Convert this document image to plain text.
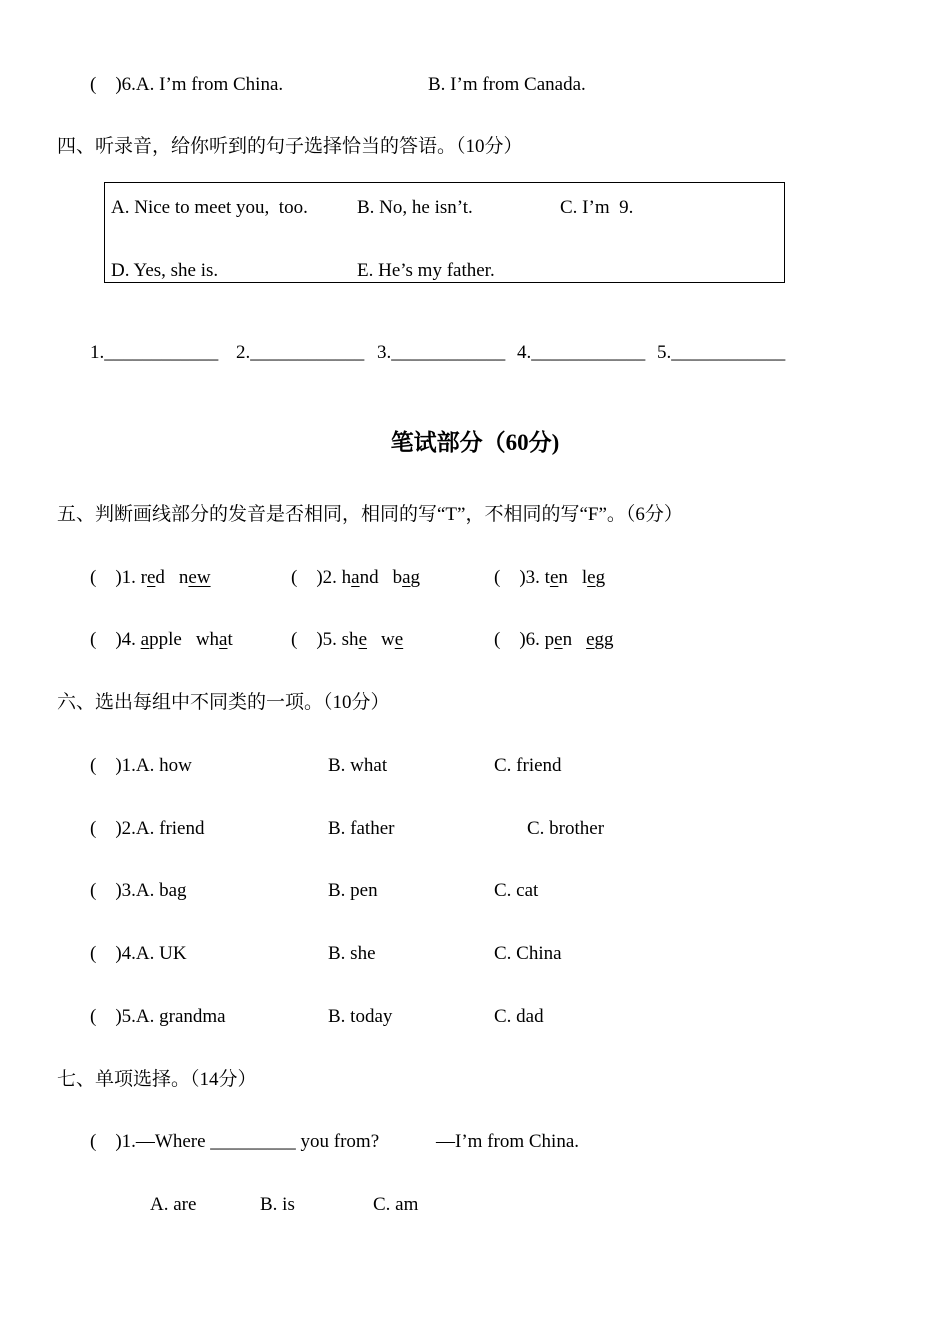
(    )6.A. I’m from China.

	B. I’m from Canada.

四、听录音，给你听到的句子选择恰当的答语。（10分）

A. Nice to meet you,  too.

	B. No, he isn’t.

	C. I’m  9.

D. Yes, she is.

	E. He’s my father.

1.____________

2.____________

3.____________

4.____________

5.____________

笔试部分（60分)
五、判断画线部分的发音是否相同，相同的写“T”，不相同的写“F”。（6分）

(    )1. red new

	(    )2. hand bag

	(    )3. ten leg

(    )4. apple what

	(    )5. she we

	(    )6. pen egg

六、选出每组中不同类的一项。（10分）

(    )1.A. how

	B. what

	C. friend

(    )2.A. friend

	B. father

	C. brother

(    )3.A. bag

	B. pen

	C. cat

(    )4.A. UK

	B. she

	C. China

(    )5.A. grandma

	B. today

	C. dad

七、单项选择。（14分）

(    )1.—Where _________ you from?

	—I’m from China.

A. are

	B. is

	C. am
